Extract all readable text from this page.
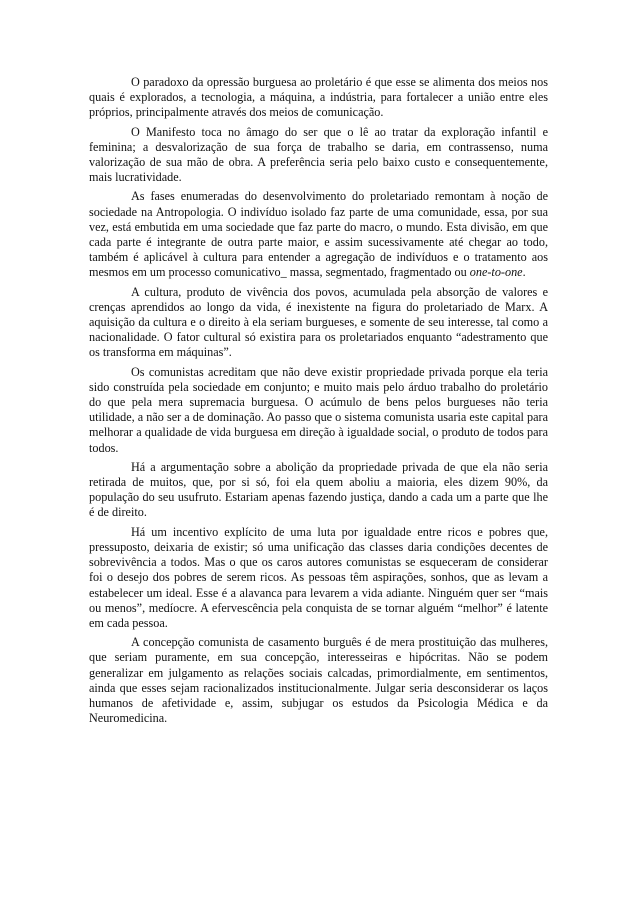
O paradoxo da opressão burguesa ao proletário é que esse se alimenta dos meios nos quais é explorados, a tecnologia, a máquina, a indústria, para fortalecer a união entre eles próprios, principalmente através dos meios de comunicação.

O Manifesto toca no âmago do ser que o lê ao tratar da exploração infantil e feminina; a desvalorização de sua força de trabalho se daria, em contrassenso, numa valorização de sua mão de obra. A preferência seria pelo baixo custo e consequentemente, mais lucratividade.

As fases enumeradas do desenvolvimento do proletariado remontam à noção de sociedade na Antropologia. O indivíduo isolado faz parte de uma comunidade, essa, por sua vez, está embutida em uma sociedade que faz parte do macro, o mundo. Esta divisão, em que cada parte é integrante de outra parte maior, e assim sucessivamente até chegar ao todo, também é aplicável à cultura para entender a agregação de indivíduos e o tratamento aos mesmos em um processo comunicativo_ massa, segmentado, fragmentado ou one-to-one.

A cultura, produto de vivência dos povos, acumulada pela absorção de valores e crenças aprendidos ao longo da vida, é inexistente na figura do proletariado de Marx. A aquisição da cultura e o direito à ela seriam burgueses, e somente de seu interesse, tal como a nacionalidade. O fator cultural só existira para os proletariados enquanto “adestramento que os transforma em máquinas”.

Os comunistas acreditam que não deve existir propriedade privada porque ela teria sido construída pela sociedade em conjunto; e muito mais pelo árduo trabalho do proletário do que pela mera supremacia burguesa. O acúmulo de bens pelos burgueses não teria utilidade, a não ser a de dominação. Ao passo que o sistema comunista usaria este capital para melhorar a qualidade de vida burguesa em direção à igualdade social, o produto de todos para todos.

Há a argumentação sobre a abolição da propriedade privada de que ela não seria retirada de muitos, que, por si só, foi ela quem aboliu a maioria, eles dizem 90%, da população do seu usufruto. Estariam apenas fazendo justiça, dando a cada um a parte que lhe é de direito.

Há um incentivo explícito de uma luta por igualdade entre ricos e pobres que, pressuposto, deixaria de existir; só uma unificação das classes daria condições decentes de sobrevivência a todos. Mas o que os caros autores comunistas se esqueceram de considerar foi o desejo dos pobres de serem ricos. As pessoas têm aspirações, sonhos, que as levam a estabelecer um ideal. Esse é a alavanca para levarem a vida adiante. Ninguém quer ser “mais ou menos”, medíocre. A efervescência pela conquista de se tornar alguém “melhor” é latente em cada pessoa.

A concepção comunista de casamento burguês é de mera prostituição das mulheres, que seriam puramente, em sua concepção, interesseiras e hipócritas. Não se podem generalizar em julgamento as relações sociais calcadas, primordialmente, em sentimentos, ainda que esses sejam racionalizados institucionalmente. Julgar seria desconsiderar os laços humanos de afetividade e, assim, subjugar os estudos da Psicologia Médica e da Neuromedicina.
